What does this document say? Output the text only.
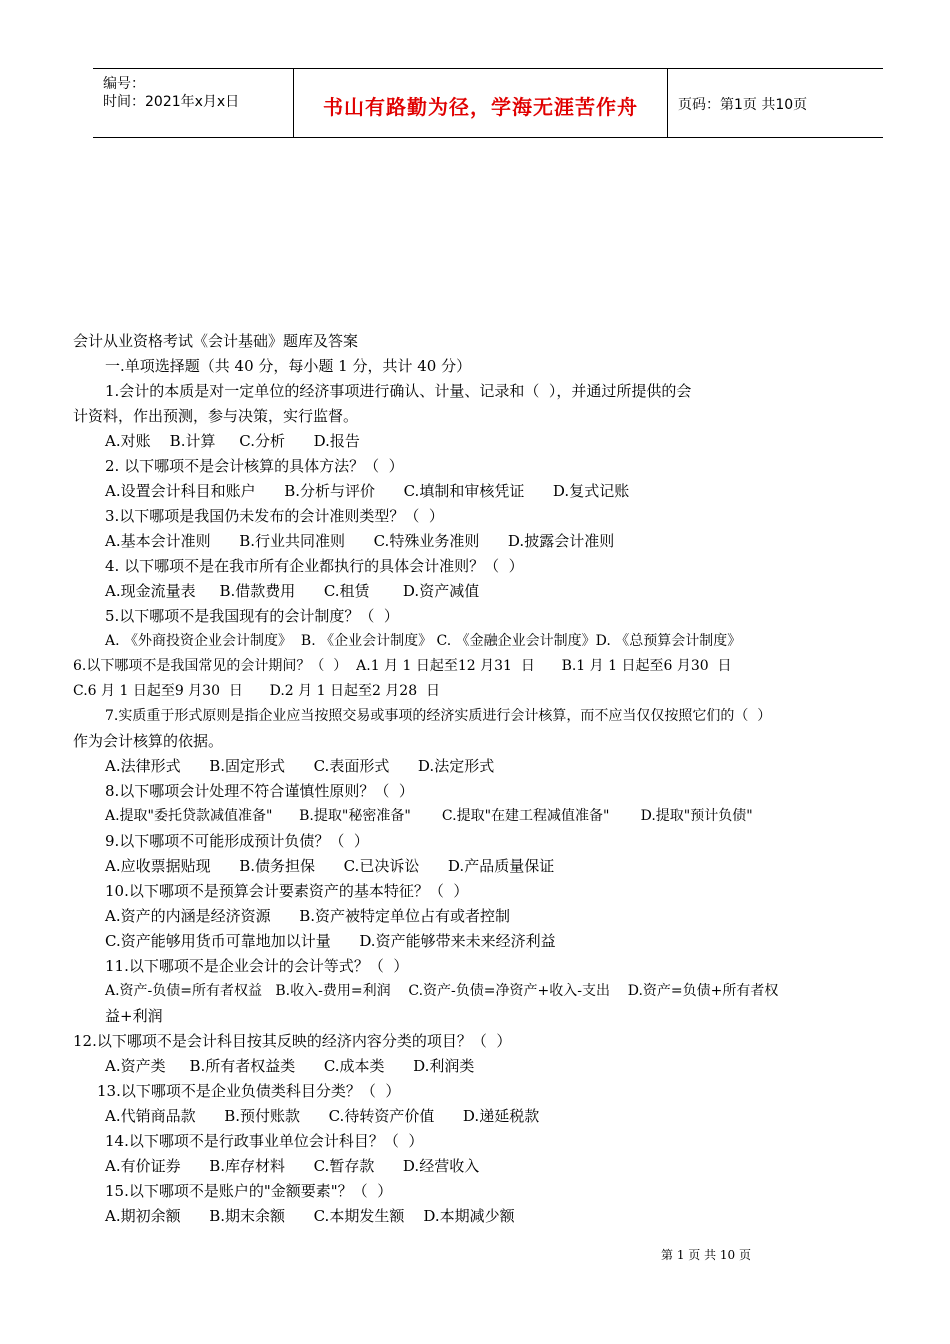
编号：
时间：2021年x月x日	书山有路勤为径，学海无涯苦作舟	页码：第1页 共10页
会计从业资格考试《会计基础》题库及答案
一.单项选择题（共 40 分，每小题 1 分，共计 40 分）
1.会计的本质是对一定单位的经济事项进行确认、计量、记录和（  ），并通过所提供的会
计资料，作出预测，参与决策，实行监督。
A.对账    B.计算     C.分析      D.报告
2. 以下哪项不是会计核算的具体方法？（  ）
A.设置会计科目和账户      B.分析与评价      C.填制和审核凭证      D.复式记账
3.以下哪项是我国仍未发布的会计准则类型？（  ）
A.基本会计准则      B.行业共同准则      C.特殊业务准则      D.披露会计准则
4. 以下哪项不是在我市所有企业都执行的具体会计准则？（  ）
A.现金流量表     B.借款费用      C.租赁       D.资产减值
5.以下哪项不是我国现有的会计制度？（  ）
A. 《外商投资企业会计制度》  B. 《企业会计制度》 C. 《金融企业会计制度》D. 《总预算会计制度》
6.以下哪项不是我国常见的会计期间？（  ）  A.1 月 1 日起至12 月31  日      B.1 月 1 日起至6 月30  日
C.6 月 1 日起至9 月30  日      D.2 月 1 日起至2 月28  日
7.实质重于形式原则是指企业应当按照交易或事项的经济实质进行会计核算，而不应当仅仅按照它们的（  ）
作为会计核算的依据。
A.法律形式      B.固定形式      C.表面形式      D.法定形式
8.以下哪项会计处理不符合谨慎性原则？（  ）
A.提取"委托贷款减值准备"      B.提取"秘密准备"       C.提取"在建工程减值准备"       D.提取"预计负债"
9.以下哪项不可能形成预计负债？（  ）
A.应收票据贴现      B.债务担保      C.已决诉讼      D.产品质量保证
10.以下哪项不是预算会计要素资产的基本特征？（  ）
A.资产的内涵是经济资源      B.资产被特定单位占有或者控制
C.资产能够用货币可靠地加以计量      D.资产能够带来未来经济利益
11.以下哪项不是企业会计的会计等式？（  ）
A.资产-负债=所有者权益   B.收入-费用=利润    C.资产-负债=净资产+收入-支出    D.资产=负债+所有者权
益+利润
12.以下哪项不是会计科目按其反映的经济内容分类的项目？（  ）
A.资产类     B.所有者权益类      C.成本类      D.利润类
13.以下哪项不是企业负债类科目分类？（  ）
A.代销商品款      B.预付账款      C.待转资产价值      D.递延税款
14.以下哪项不是行政事业单位会计科目？（  ）
A.有价证券      B.库存材料      C.暂存款      D.经营收入
15.以下哪项不是账户的"金额要素"？（  ）
A.期初余额      B.期末余额      C.本期发生额    D.本期减少额
第 1 页 共 10 页
